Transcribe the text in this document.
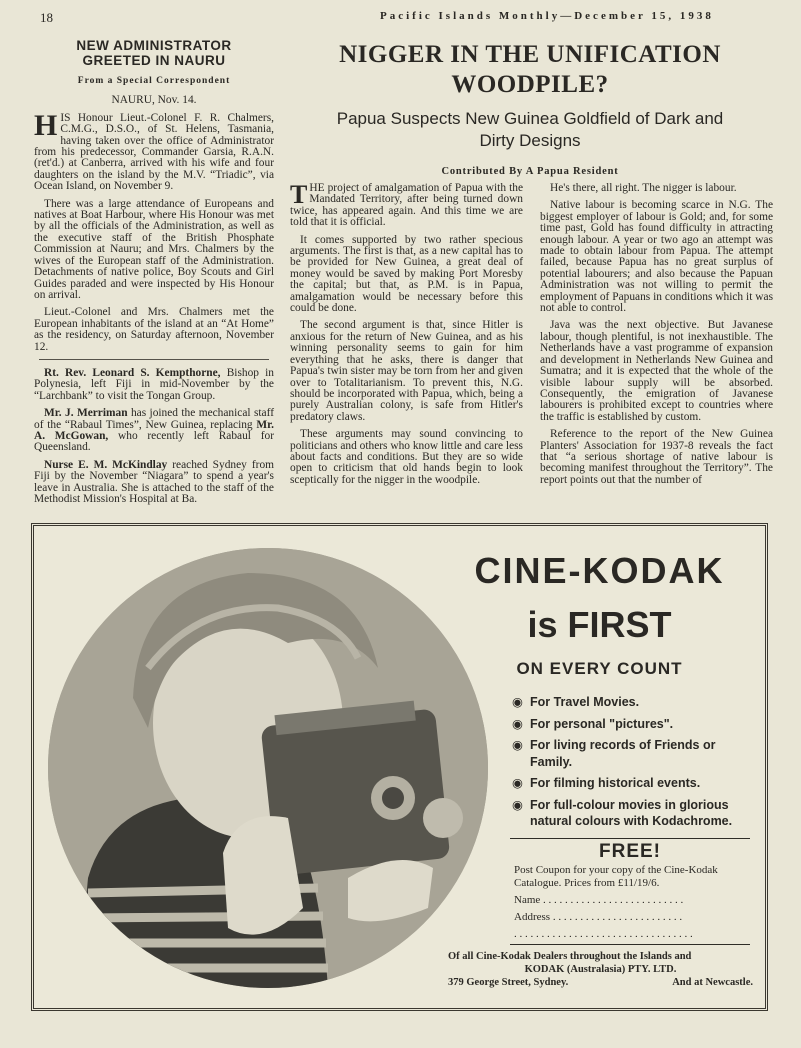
18	Pacific Islands Monthly—December 15, 1938
NEW ADMINISTRATOR
GREETED IN NAURU
From a Special Correspondent

NAURU, Nov. 14.

HIS Honour Lieut.-Colonel F. R. Chalmers, C.M.G., D.S.O., of St. Helens, Tasmania, having taken over the office of Administrator from his predecessor, Commander Garsia, R.A.N. (ret'd.) at Canberra, arrived with his wife and four daughters on the island by the M.V. “Triadic”, via Ocean Island, on November 9.

There was a large attendance of Europeans and natives at Boat Harbour, where His Honour was met by all the officials of the Administration, as well as the executive staff of the British Phosphate Commission at Nauru; and Mrs. Chalmers by the wives of the European staff of the Administration. Detachments of native police, Boy Scouts and Girl Guides paraded and were inspected by His Honour on arrival.

Lieut.-Colonel and Mrs. Chalmers met the European inhabitants of the island at an “At Home” as the residency, on Saturday afternoon, November 12.

Rt. Rev. Leonard S. Kempthorne, Bishop in Polynesia, left Fiji in mid-November by the “Larchbank” to visit the Tongan Group.

Mr. J. Merriman has joined the mechanical staff of the “Rabaul Times”, New Guinea, replacing Mr. A. McGowan, who recently left Rabaul for Queensland.

Nurse E. M. McKindlay reached Sydney from Fiji by the November “Niagara” to spend a year's leave in Australia. She is attached to the staff of the Methodist Mission's Hospital at Ba.

NIGGER IN THE UNIFICATION
WOODPILE?
Papua Suspects New Guinea Goldfield of Dark and
Dirty Designs
Contributed By A Papua Resident

THE project of amalgamation of Papua with the Mandated Territory, after being turned down twice, has appeared again. And this time we are told that it is official.

It comes supported by two rather specious arguments. The first is that, as a new capital has to be provided for New Guinea, a great deal of money would be saved by making Port Moresby the capital; but that, as P.M. is in Papua, amalgamation would be necessary before this could be done.

The second argument is that, since Hitler is anxious for the return of New Guinea, and as his winning personality seems to gain for him everything that he asks, there is danger that Papua's twin sister may be torn from her and given over to Totalitarianism. To prevent this, N.G. should be incorporated with Papua, which, being a purely Australian colony, is safe from Hitler's predatory claws.

These arguments may sound convincing to politicians and others who know little and care less about facts and conditions. But they are so wide open to criticism that old hands begin to look sceptically for the nigger in the woodpile.

He's there, all right. The nigger is labour.

Native labour is becoming scarce in N.G. The biggest employer of labour is Gold; and, for some time past, Gold has found difficulty in attracting enough labour. A year or two ago an attempt was made to obtain labour from Papua. The attempt failed, because Papua has no great surplus of potential labourers; and also because the Papuan Administration was not willing to permit the employment of Papuans in conditions which it was not able to control.

Java was the next objective. But Javanese labour, though plentiful, is not inexhaustible. The Netherlands have a vast programme of expansion and development in Netherlands New Guinea and Sumatra; and it is expected that the whole of the visible labour supply will be absorbed. Consequently, the emigration of Javanese labourers is prohibited except to countries where the traffic is established by custom.

Reference to the report of the New Guinea Planters' Association for 1937-8 reveals the fact that “a serious shortage of native labour is becoming manifest throughout the Territory”. The report points out that the number of

CINE-KODAK
is FIRST
ON EVERY COUNT
◉ For Travel Movies.
◉ For personal "pictures".
◉ For living records of Friends or Family.
◉ For filming historical events.
◉ For full-colour movies in glorious natural colours with Kodachrome.
FREE!
Post Coupon for your copy of the Cine-Kodak Catalogue. Prices from £11/19/6.
Name . . . . . . . . . . . . . . . . . . . . . . . . . .
Address . . . . . . . . . . . . . . . . . . . . . . . .
. . . . . . . . . . . . . . . . . . . . . . . . . . . . . . . . .
Of all Cine-Kodak Dealers throughout the Islands and
KODAK (Australasia) PTY. LTD.
379 George Street, Sydney.	And at Newcastle.
